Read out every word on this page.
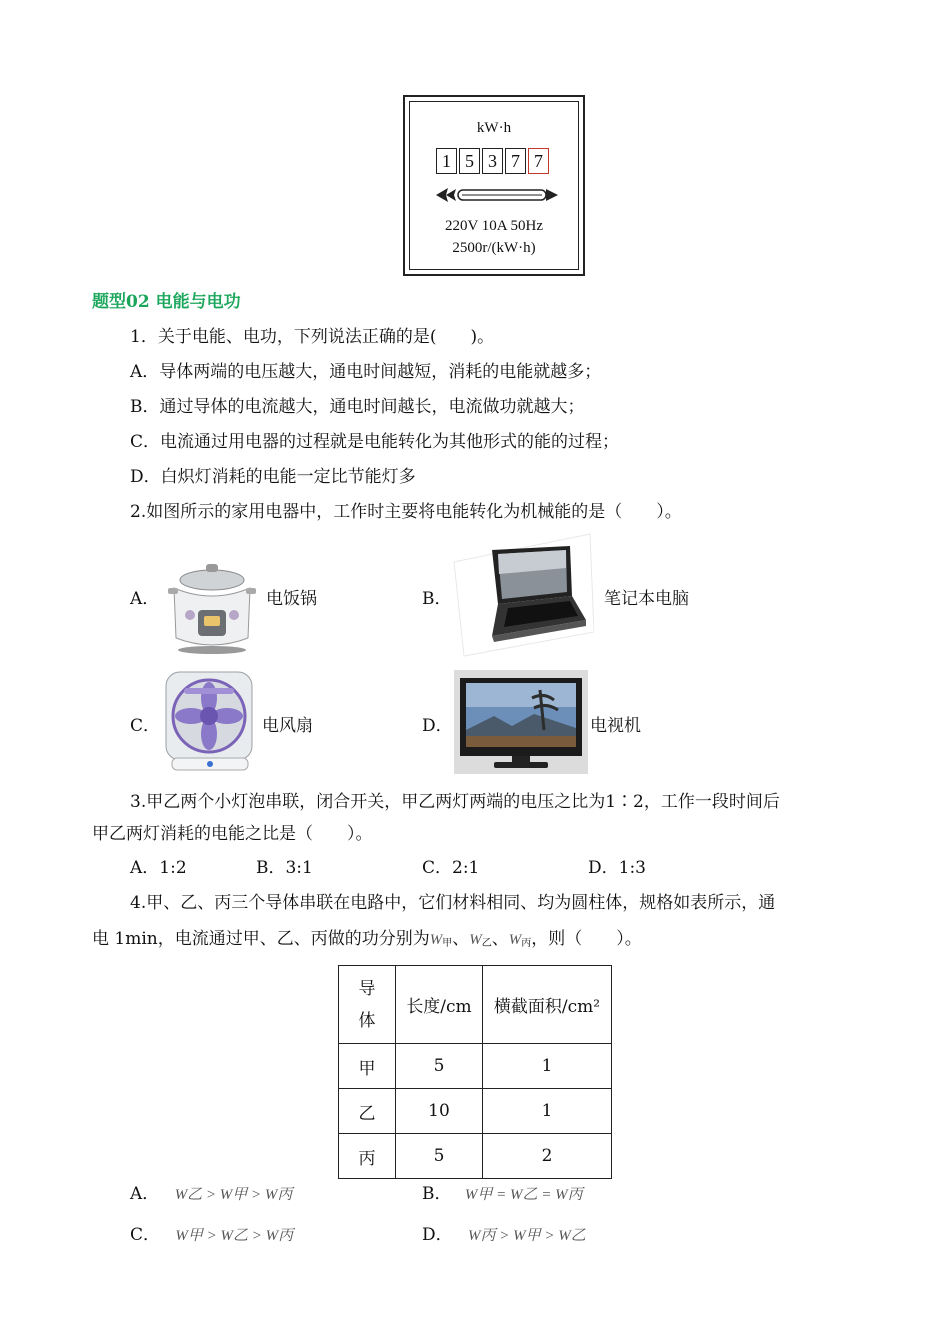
kW·h
1 5 3 7 7
220V 10A 50Hz
2500r/(kW·h)
题型02 电能与电功
1．关于电能、电功，下列说法正确的是(　　)。
A．导体两端的电压越大，通电时间越短，消耗的电能就越多；
B．通过导体的电流越大，通电时间越长，电流做功就越大；
C．电流通过用电器的过程就是电能转化为其他形式的能的过程；
D．白炽灯消耗的电能一定比节能灯多
2.如图所示的家用电器中，工作时主要将电能转化为机械能的是（　　）。
A．	电饭锅	B．	笔记本电脑
C．	电风扇	D．	电视机
3.甲乙两个小灯泡串联，闭合开关，甲乙两灯两端的电压之比为1∶2，工作一段时间后
甲乙两灯消耗的电能之比是（　　）。
A．1:2	B．3:1	C．2:1	D．1:3
4.甲、乙、丙三个导体串联在电路中，它们材料相同、均为圆柱体，规格如表所示，通
电 1min，电流通过甲、乙、丙做的功分别为$W_甲$、$W_乙$、$W_丙$，则（　　）。
导体	长度/cm	横截面积/cm²
甲	5	1
乙	10	1
丙	5	2
A． W乙 > W甲 > W丙	B． W甲 = W乙 = W丙
C． W甲 > W乙 > W丙	D． W丙 > W甲 > W乙
